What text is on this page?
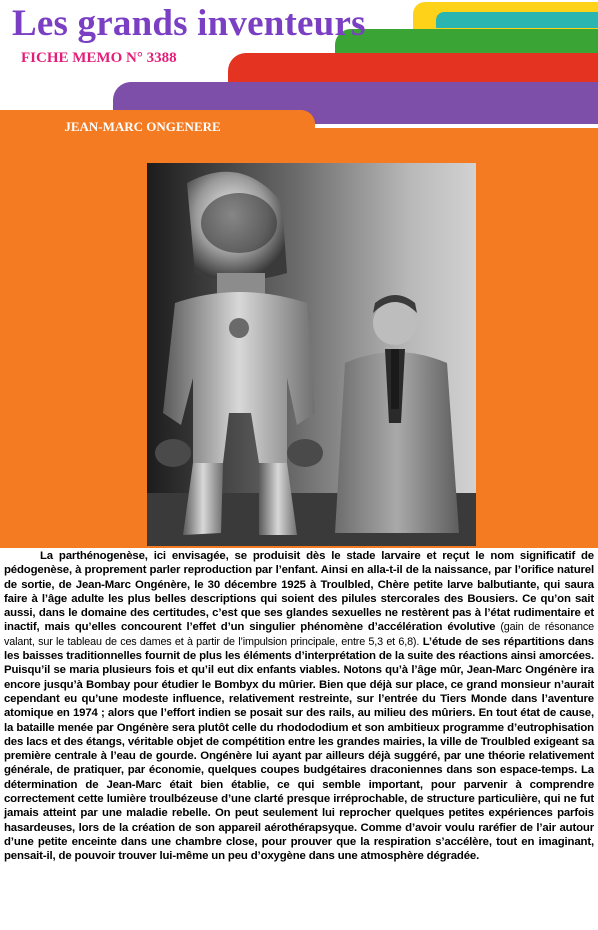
Les grands inventeurs
FICHE MEMO N° 3388
JEAN-MARC ONGENERE

La parthénogenèse, ici envisagée, se produisit dès le stade larvaire et reçut le nom significatif de pédogenèse, à proprement parler reproduction par l’enfant. Ainsi en alla-t-il de la naissance, par l’orifice naturel de sortie, de Jean-Marc Ongénère, le 30 décembre 1925 à Troulbled, Chère petite larve balbutiante, qui saura faire à l’âge adulte les plus belles descriptions qui soient des pilules stercorales des Bousiers. Ce qu’on sait aussi, dans le domaine des certitudes, c’est que ses glandes sexuelles ne restèrent pas à l’état rudimentaire et inactif, mais qu’elles concourent l’effet d’un singulier phénomène d’accélération évolutive (gain de résonance valant, sur le tableau de ces dames et à partir de l’impulsion principale, entre 5,3 et 6,8). L’étude de ses répartitions dans les baisses traditionnelles fournit de plus les éléments d’interprétation de la suite des réactions ainsi amorcées. Puisqu’il se maria plusieurs fois et qu’il eut dix enfants viables. Notons qu’à l’âge mûr, Jean-Marc Ongénère ira encore jusqu’à Bombay pour étudier le Bombyx du mûrier. Bien que déjà sur place, ce grand monsieur n’aurait cependant eu qu’une modeste influence, relativement restreinte, sur l’entrée du Tiers Monde dans l’aventure atomique en 1974 ; alors que l’effort indien se posait sur des rails, au milieu des mûriers. En tout état de cause, la bataille menée par Ongénère sera plutôt celle du rhodododium et son ambitieux programme d’eutrophisation des lacs et des étangs, véritable objet de compétition entre les grandes mairies, la ville de Troulbled exigeant sa première centrale à l’eau de gourde. Ongénère lui ayant par ailleurs déjà suggéré, par une théorie relativement générale, de pratiquer, par économie, quelques coupes budgétaires draconiennes dans son espace-temps. La détermination de Jean-Marc était bien établie, ce qui semble important, pour parvenir à comprendre correctement cette lumière troulbézeuse d’une clarté presque irréprochable, de structure particulière, qui ne fut jamais atteint par une maladie rebelle. On peut seulement lui reprocher quelques petites expériences parfois hasardeuses, lors de la création de son appareil aérothérapsyque. Comme d’avoir voulu raréfier de l’air autour d’une petite enceinte dans une chambre close, pour prouver que la respiration s’accélère, tout en imaginant, pensait-il, de pouvoir trouver lui-même un peu d’oxygène dans une atmosphère dégradée.
